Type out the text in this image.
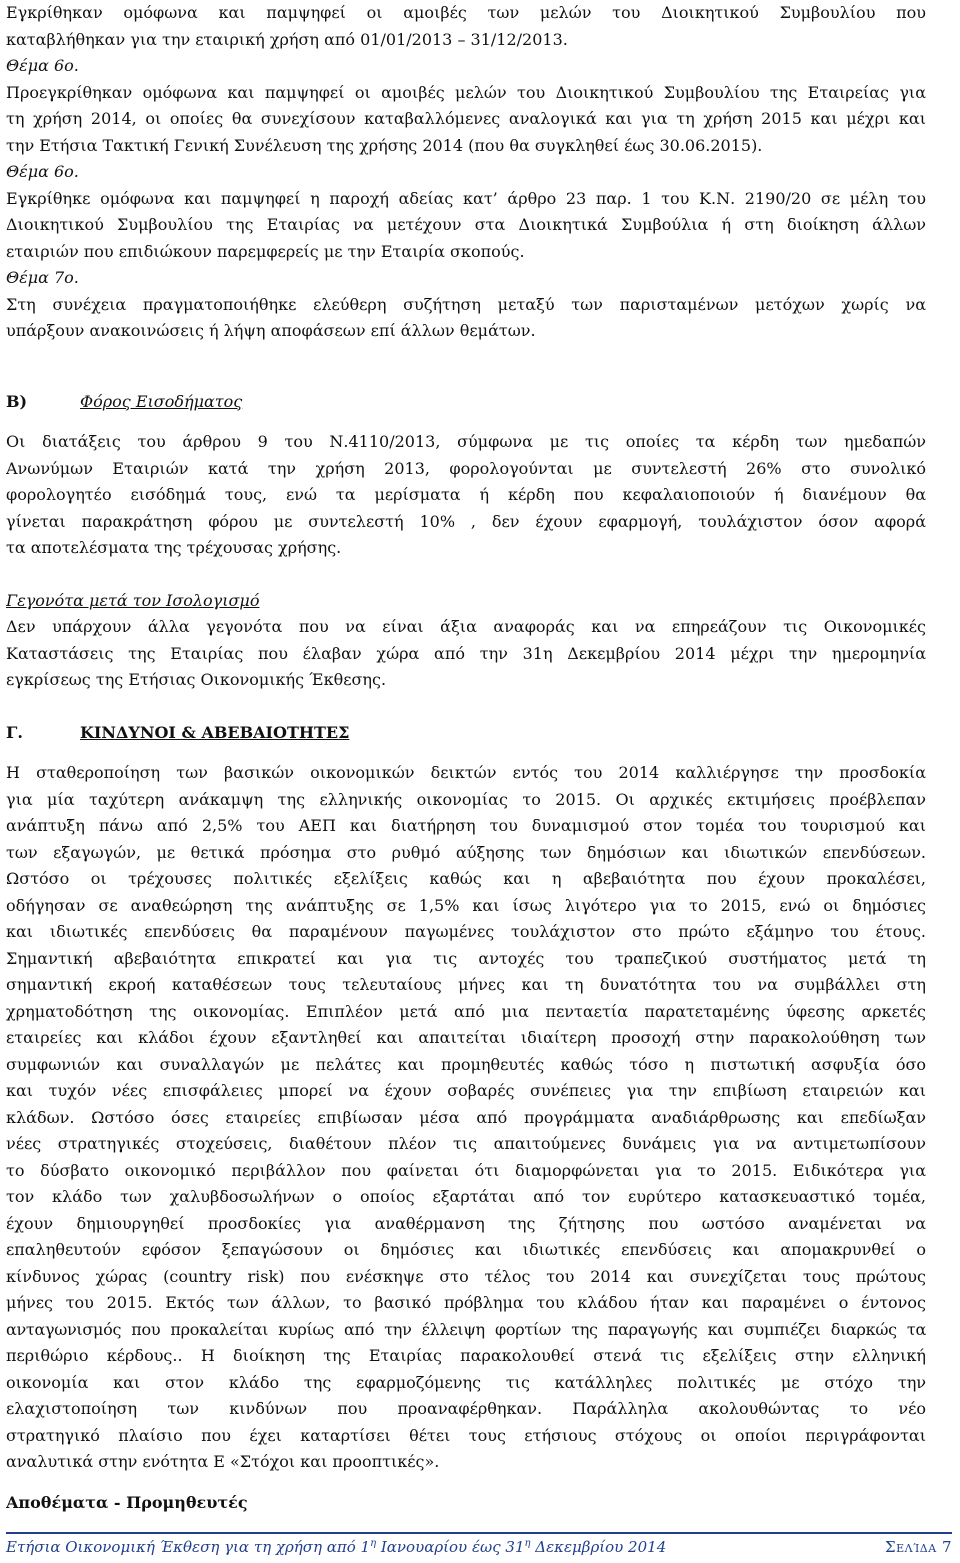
Εγκρίθηκαν ομόφωνα και παμψηφεί οι αμοιβές των μελών του Διοικητικού Συμβουλίου που
καταβλήθηκαν για την εταιρική χρήση από 01/01/2013 – 31/12/2013.
Θέμα 6ο.
Προεγκρίθηκαν ομόφωνα και παμψηφεί οι αμοιβές μελών του Διοικητικού Συμβουλίου της Εταιρείας για
τη χρήση 2014, οι οποίες θα συνεχίσουν καταβαλλόμενες αναλογικά και για τη χρήση 2015 και μέχρι και
την Ετήσια Τακτική Γενική Συνέλευση της χρήσης 2014 (που θα συγκληθεί έως 30.06.2015).
Θέμα 6ο.
Εγκρίθηκε ομόφωνα και παμψηφεί η παροχή αδείας κατ’ άρθρο 23 παρ. 1 του Κ.Ν. 2190/20 σε μέλη του
Διοικητικού Συμβουλίου της Εταιρίας να μετέχουν στα Διοικητικά Συμβούλια ή στη διοίκηση άλλων
εταιριών που επιδιώκουν παρεμφερείς με την Εταιρία σκοπούς.
Θέμα 7ο.
Στη συνέχεια πραγματοποιήθηκε ελεύθερη συζήτηση μεταξύ των παρισταμένων μετόχων χωρίς να
υπάρξουν ανακοινώσεις ή λήψη αποφάσεων επί άλλων θεμάτων.
Β)	Φόρος Εισοδήματος
Οι διατάξεις του άρθρου 9 του Ν.4110/2013, σύμφωνα με τις οποίες τα κέρδη των ημεδαπών
Ανωνύμων Εταιριών κατά την χρήση 2013, φορολογούνται με συντελεστή 26% στο συνολικό
φορολογητέο εισόδημά τους, ενώ τα μερίσματα ή κέρδη που κεφαλαιοποιούν ή διανέμουν θα
γίνεται παρακράτηση φόρου με συντελεστή 10% , δεν έχουν εφαρμογή, τουλάχιστον όσον αφορά
τα αποτελέσματα της τρέχουσας χρήσης.
Γεγονότα μετά τον Ισολογισμό
Δεν υπάρχουν άλλα γεγονότα που να είναι άξια αναφοράς και να επηρεάζουν τις Οικονομικές
Καταστάσεις της Εταιρίας που έλαβαν χώρα από την 31η Δεκεμβρίου 2014 μέχρι την ημερομηνία
εγκρίσεως της Ετήσιας Οικονομικής Έκθεσης.
Γ.	ΚΙΝΔΥΝΟΙ & ΑΒΕΒΑΙΟΤΗΤΕΣ
Η σταθεροποίηση των βασικών οικονομικών δεικτών εντός του 2014 καλλιέργησε την προσδοκία
για μία ταχύτερη ανάκαμψη της ελληνικής οικονομίας το 2015. Οι αρχικές εκτιμήσεις προέβλεπαν
ανάπτυξη πάνω από 2,5% του ΑΕΠ και διατήρηση του δυναμισμού στον τομέα του τουρισμού και
των εξαγωγών, με θετικά πρόσημα στο ρυθμό αύξησης των δημόσιων και ιδιωτικών επενδύσεων.
Ωστόσο οι τρέχουσες πολιτικές εξελίξεις καθώς και η αβεβαιότητα που έχουν προκαλέσει,
οδήγησαν σε αναθεώρηση της ανάπτυξης σε 1,5% και ίσως λιγότερο για το 2015, ενώ οι δημόσιες
και ιδιωτικές επενδύσεις θα παραμένουν παγωμένες τουλάχιστον στο πρώτο εξάμηνο του έτους.
Σημαντική αβεβαιότητα επικρατεί και για τις αντοχές του τραπεζικού συστήματος μετά τη
σημαντική εκροή καταθέσεων τους τελευταίους μήνες και τη δυνατότητα του να συμβάλλει στη
χρηματοδότηση της οικονομίας. Επιπλέον μετά από μια πενταετία παρατεταμένης ύφεσης αρκετές
εταιρείες και κλάδοι έχουν εξαντληθεί και απαιτείται ιδιαίτερη προσοχή στην παρακολούθηση των
συμφωνιών και συναλλαγών με πελάτες και προμηθευτές καθώς τόσο η πιστωτική ασφυξία όσο
και τυχόν νέες επισφάλειες μπορεί να έχουν σοβαρές συνέπειες για την επιβίωση εταιρειών και
κλάδων. Ωστόσο όσες εταιρείες επιβίωσαν μέσα από προγράμματα αναδιάρθρωσης και επεδίωξαν
νέες στρατηγικές στοχεύσεις, διαθέτουν πλέον τις απαιτούμενες δυνάμεις για να αντιμετωπίσουν
το δύσβατο οικονομικό περιβάλλον που φαίνεται ότι διαμορφώνεται για το 2015. Ειδικότερα για
τον κλάδο των χαλυβδοσωλήνων ο οποίος εξαρτάται από τον ευρύτερο κατασκευαστικό τομέα,
έχουν δημιουργηθεί προσδοκίες για αναθέρμανση της ζήτησης που ωστόσο αναμένεται να
επαληθευτούν εφόσον ξεπαγώσουν οι δημόσιες και ιδιωτικές επενδύσεις και απομακρυνθεί ο
κίνδυνος χώρας (country risk) που ενέσκηψε στο τέλος του 2014 και συνεχίζεται τους πρώτους
μήνες του 2015. Εκτός των άλλων, το βασικό πρόβλημα του κλάδου ήταν και παραμένει ο έντονος
ανταγωνισμός που προκαλείται κυρίως από την έλλειψη φορτίων της παραγωγής και συμπιέζει διαρκώς τα
περιθώριο κέρδους.. Η διοίκηση της Εταιρίας παρακολουθεί στενά τις εξελίξεις στην ελληνική
οικονομία και στον κλάδο της εφαρμοζόμενης τις κατάλληλες πολιτικές με στόχο την
ελαχιστοποίηση των κινδύνων που προαναφέρθηκαν. Παράλληλα ακολουθώντας το νέο
στρατηγικό πλαίσιο που έχει καταρτίσει θέτει τους ετήσιους στόχους οι οποίοι περιγράφονται
αναλυτικά στην ενότητα Ε «Στόχοι και προοπτικές».
Αποθέματα - Προμηθευτές
Ετήσια Οικονομική Έκθεση για τη χρήση από $1^\eta$ Ιανουαρίου έως $31^\eta$ Δεκεμβρίου 2014	Σελίδα 7
